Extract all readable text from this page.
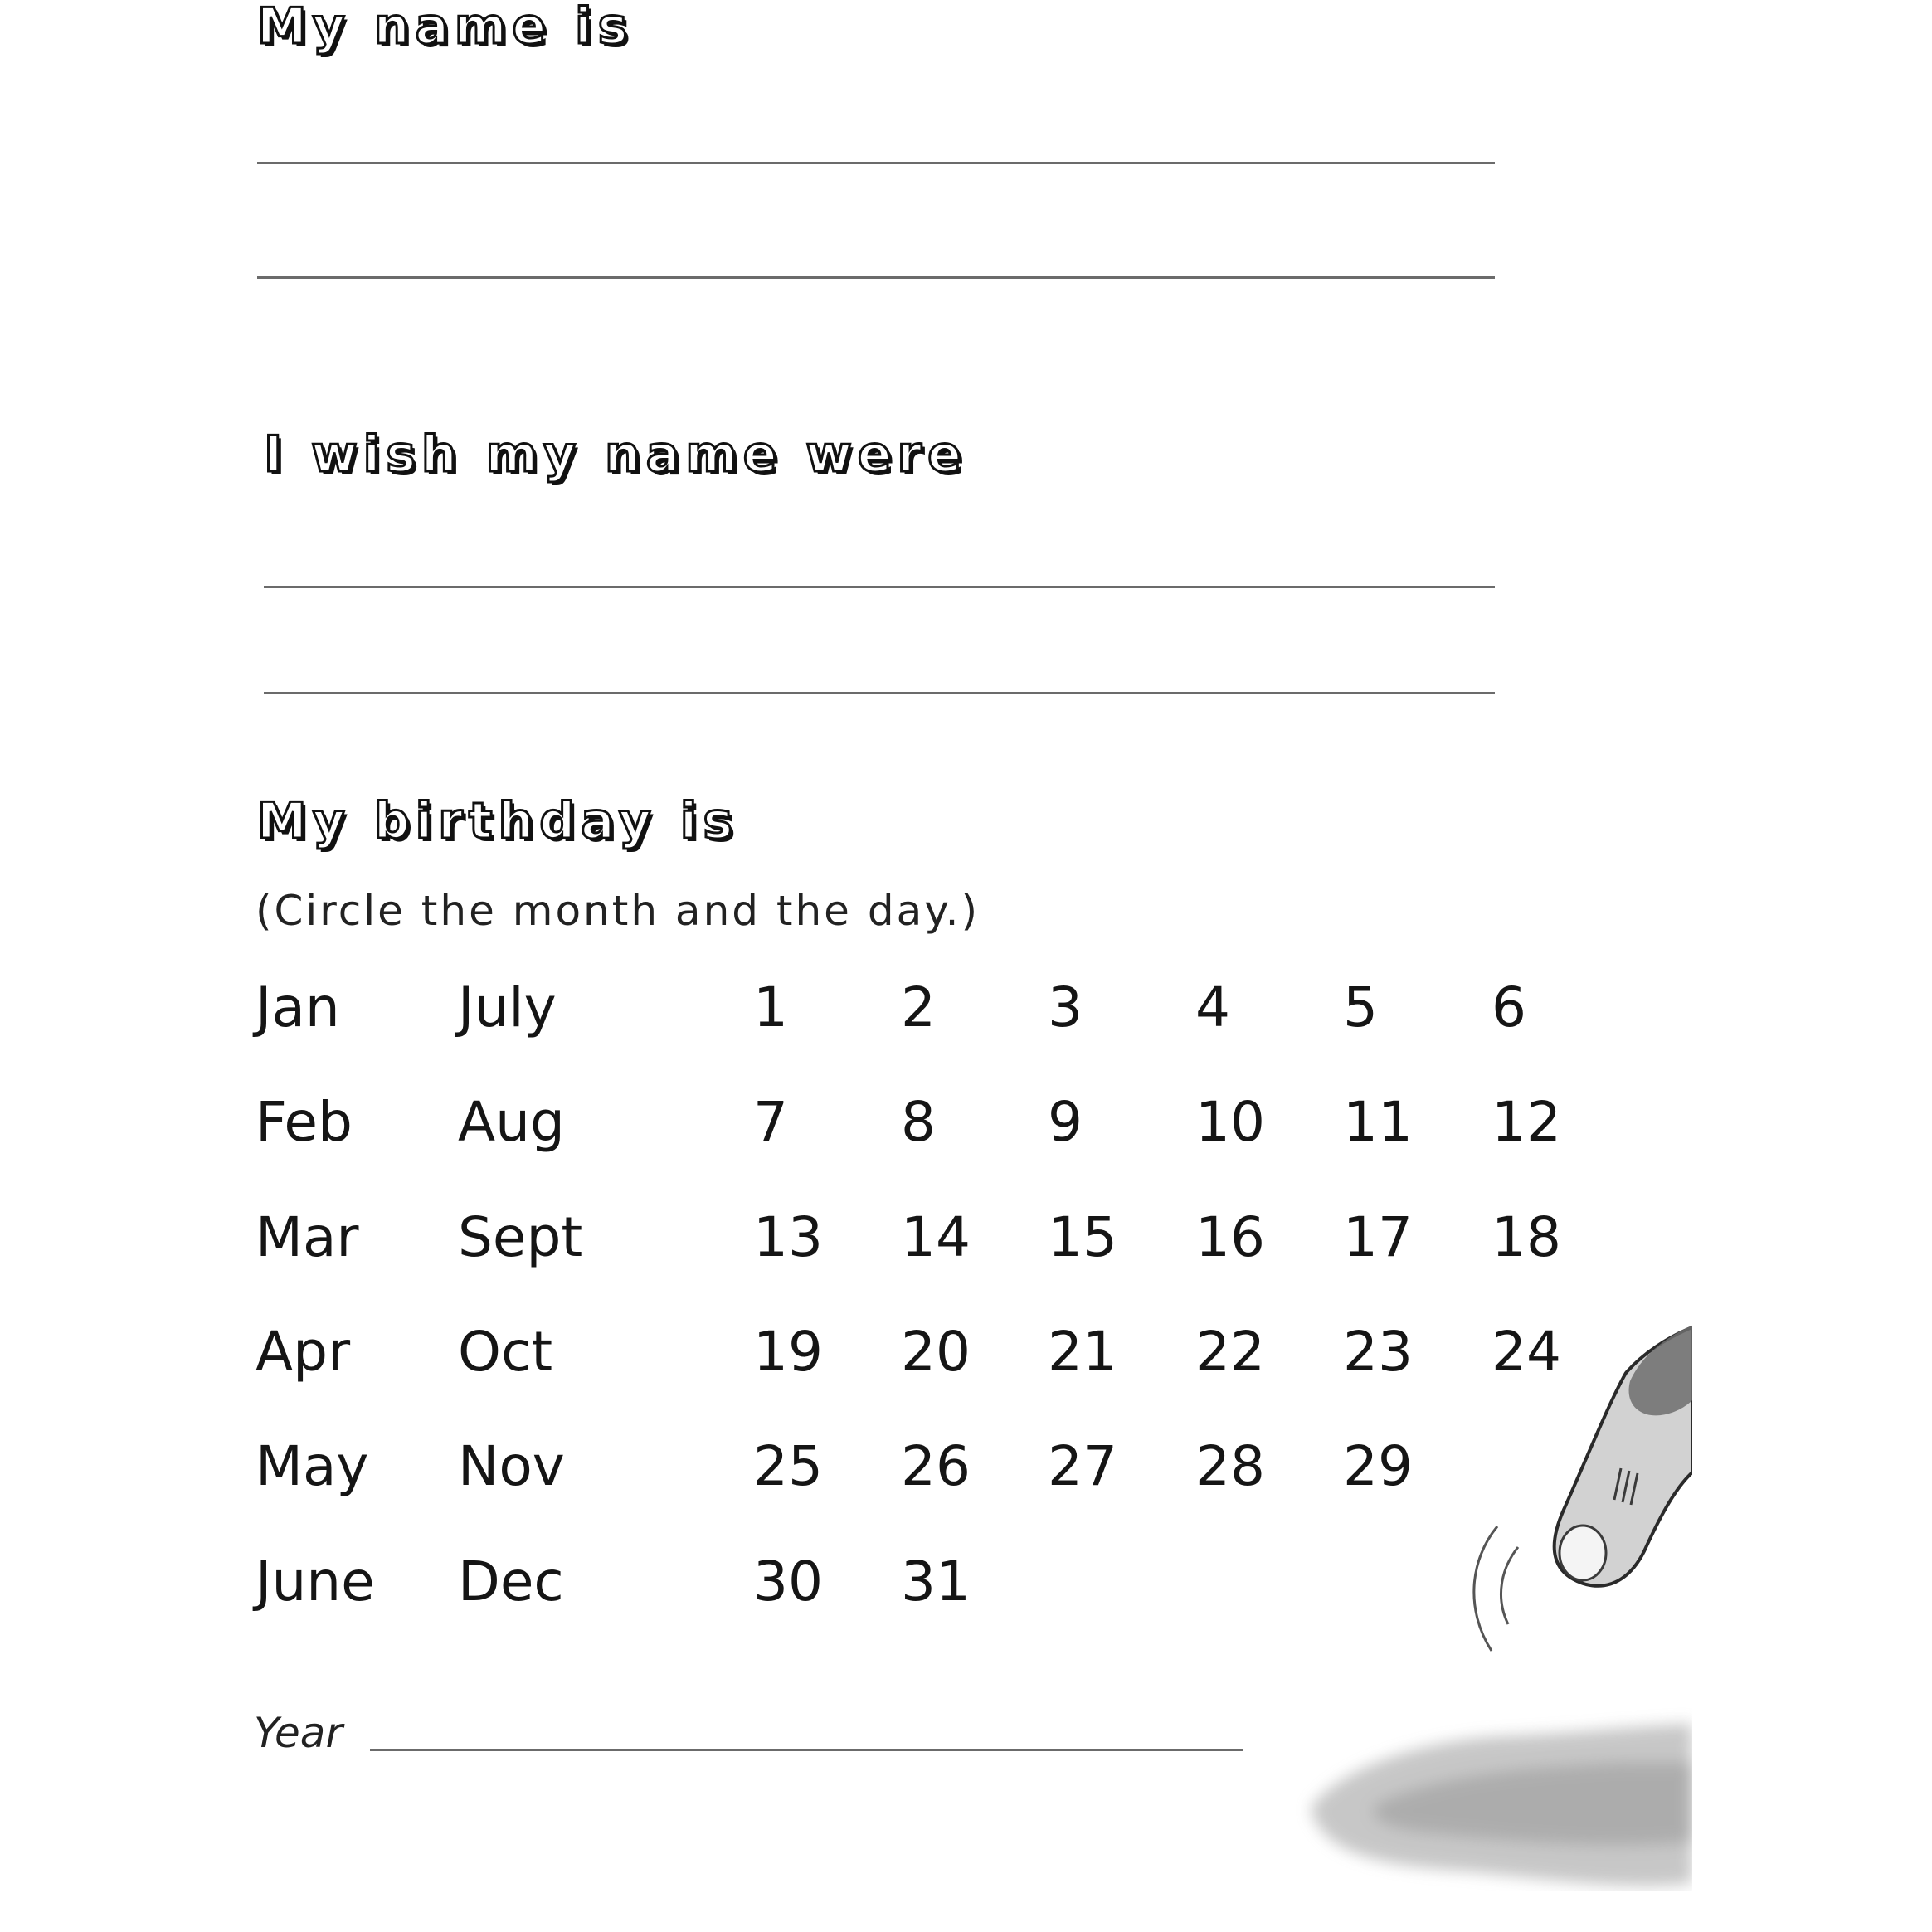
My name is
I wish my name were
My birthday is
(Circle the month and the day.)
Jan
Feb
Mar
Apr
May
June
July
Aug
Sept
Oct
Nov
Dec
1 2 3 4 5 6
7 8 9 10 11 12
13 14 15 16 17 18
19 20 21 22 23 24
25 26 27 28 29
30 31
Year
